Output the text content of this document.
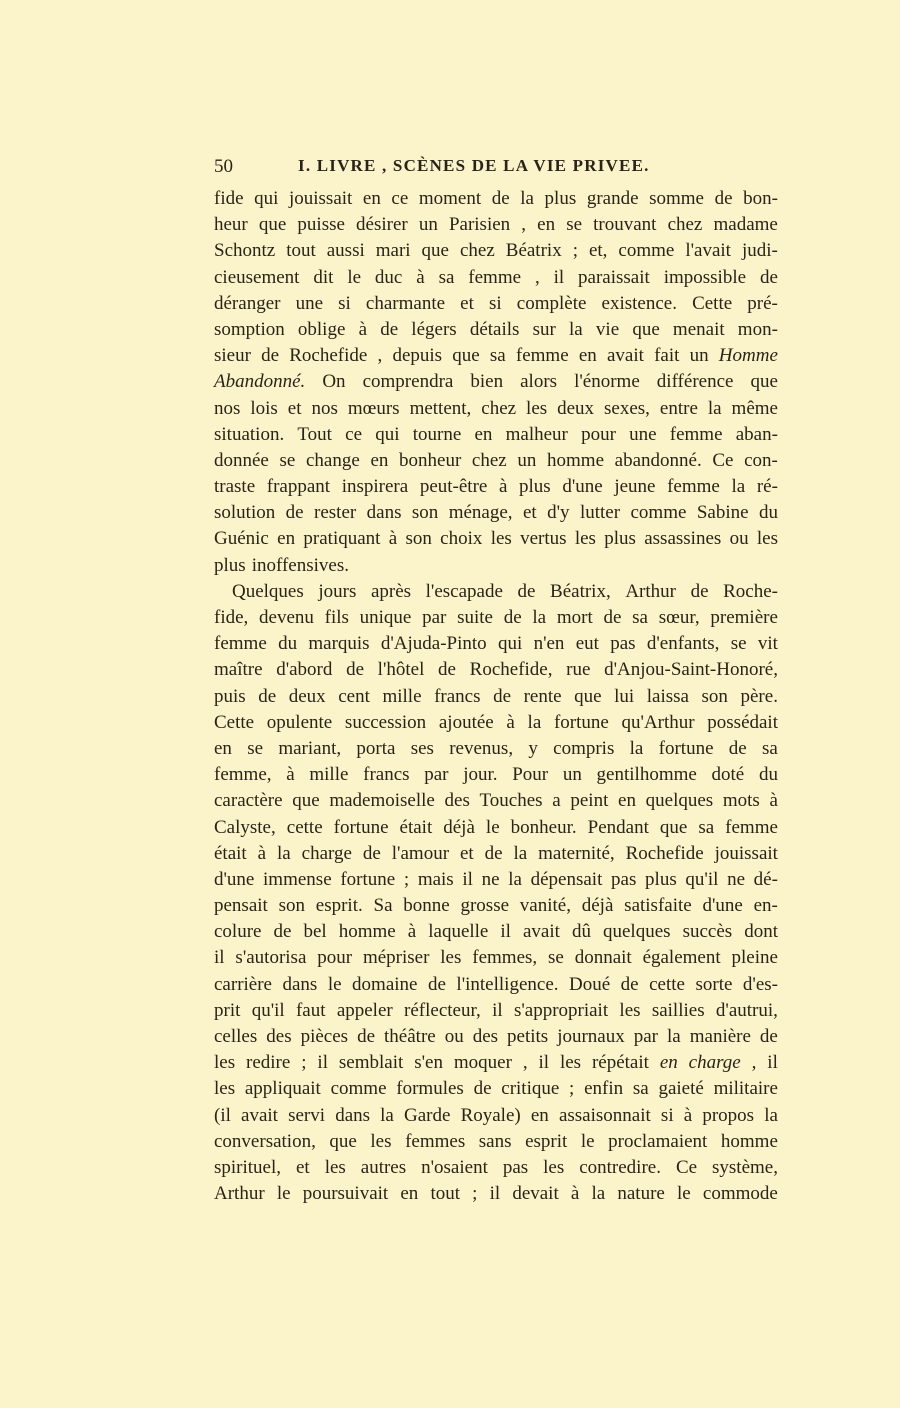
50	I. LIVRE , SCÈNES DE LA VIE PRIVEE.
fide qui jouissait en ce moment de la plus grande somme de bon-
heur que puisse désirer un Parisien , en se trouvant chez madame
Schontz tout aussi mari que chez Béatrix ; et, comme l'avait judi-
cieusement dit le duc à sa femme , il paraissait impossible de
déranger une si charmante et si complète existence. Cette pré-
somption oblige à de légers détails sur la vie que menait mon-
sieur de Rochefide , depuis que sa femme en avait fait un Homme
Abandonné. On comprendra bien alors l'énorme différence que
nos lois et nos mœurs mettent, chez les deux sexes, entre la même
situation. Tout ce qui tourne en malheur pour une femme aban-
donnée se change en bonheur chez un homme abandonné. Ce con-
traste frappant inspirera peut-être à plus d'une jeune femme la ré-
solution de rester dans son ménage, et d'y lutter comme Sabine du
Guénic en pratiquant à son choix les vertus les plus assassines ou les
plus inoffensives.
Quelques jours après l'escapade de Béatrix, Arthur de Roche-
fide, devenu fils unique par suite de la mort de sa sœur, première
femme du marquis d'Ajuda-Pinto qui n'en eut pas d'enfants, se vit
maître d'abord de l'hôtel de Rochefide, rue d'Anjou-Saint-Honoré,
puis de deux cent mille francs de rente que lui laissa son père.
Cette opulente succession ajoutée à la fortune qu'Arthur possédait
en se mariant, porta ses revenus, y compris la fortune de sa
femme, à mille francs par jour. Pour un gentilhomme doté du
caractère que mademoiselle des Touches a peint en quelques mots à
Calyste, cette fortune était déjà le bonheur. Pendant que sa femme
était à la charge de l'amour et de la maternité, Rochefide jouissait
d'une immense fortune ; mais il ne la dépensait pas plus qu'il ne dé-
pensait son esprit. Sa bonne grosse vanité, déjà satisfaite d'une en-
colure de bel homme à laquelle il avait dû quelques succès dont
il s'autorisa pour mépriser les femmes, se donnait également pleine
carrière dans le domaine de l'intelligence. Doué de cette sorte d'es-
prit qu'il faut appeler réflecteur, il s'appropriait les saillies d'autrui,
celles des pièces de théâtre ou des petits journaux par la manière de
les redire ; il semblait s'en moquer , il les répétait en charge , il
les appliquait comme formules de critique ; enfin sa gaieté militaire
(il avait servi dans la Garde Royale) en assaisonnait si à propos la
conversation, que les femmes sans esprit le proclamaient homme
spirituel, et les autres n'osaient pas les contredire. Ce système,
Arthur le poursuivait en tout ; il devait à la nature le commode
